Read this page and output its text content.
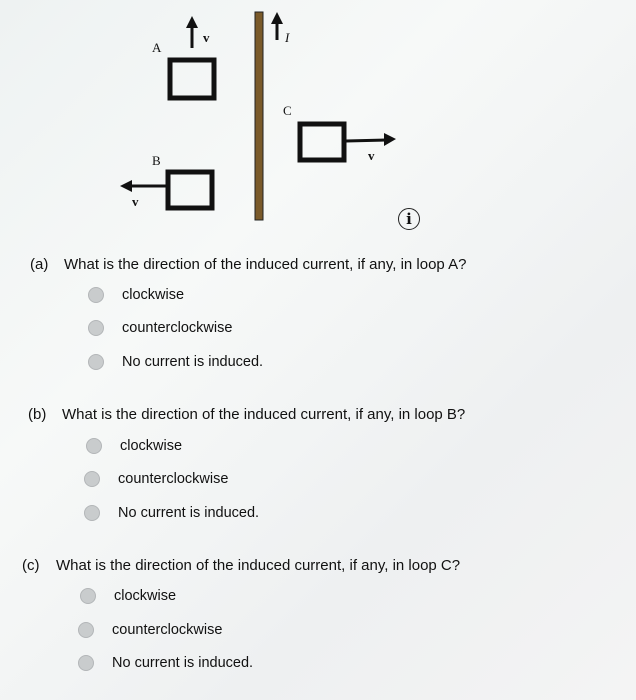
I
A
v⃗
C
v⃗
B
v⃗
i
(a) What is the direction of the induced current, if any, in loop A?
clockwise
counterclockwise
No current is induced.
(b) What is the direction of the induced current, if any, in loop B?
clockwise
counterclockwise
No current is induced.
(c) What is the direction of the induced current, if any, in loop C?
clockwise
counterclockwise
No current is induced.
